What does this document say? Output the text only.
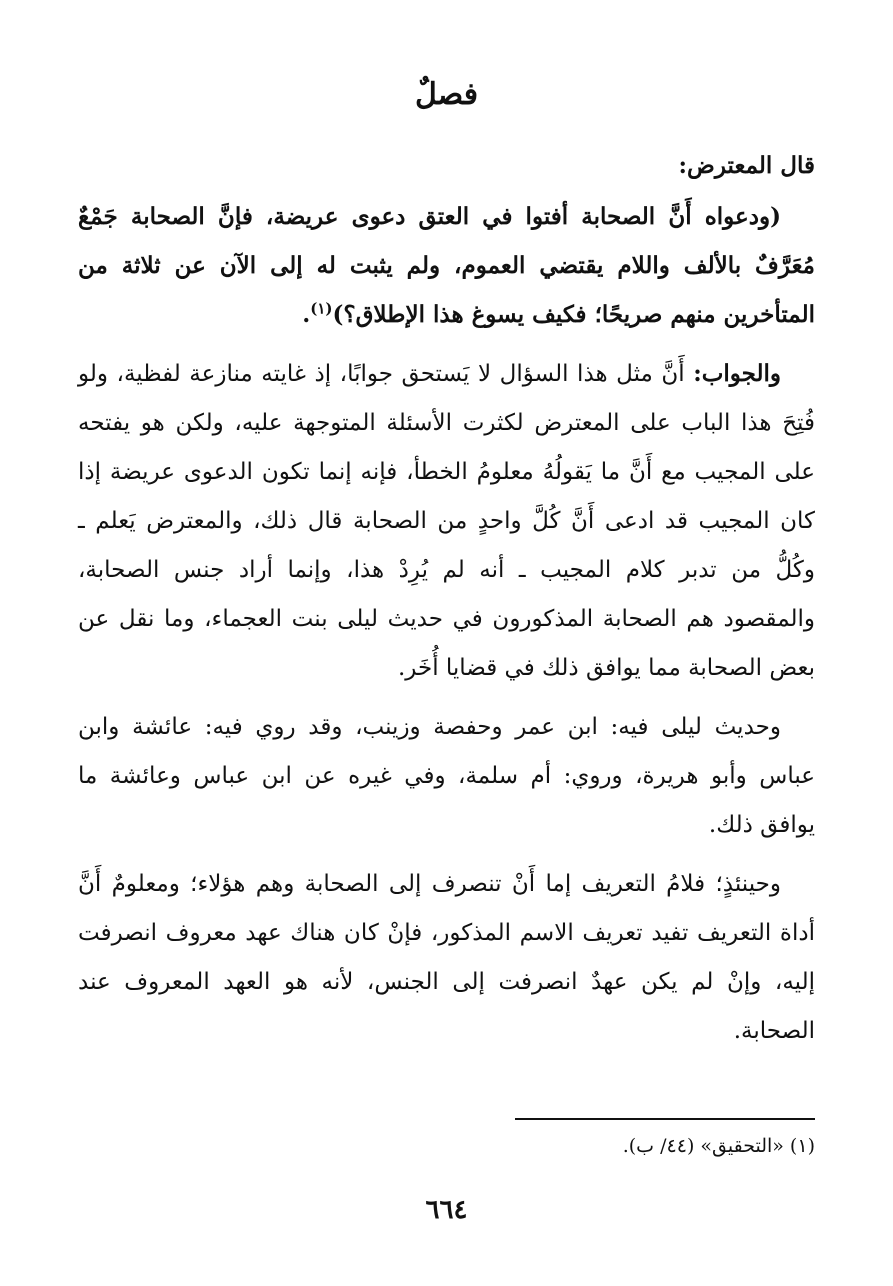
فصلٌ
قال المعترض:
(ودعواه أَنَّ الصحابة أفتوا في العتق دعوى عريضة، فإنَّ الصحابة جَمْعٌ مُعَرَّفٌ بالألف واللام يقتضي العموم، ولم يثبت له إلى الآن عن ثلاثة من المتأخرين منهم صريحًا؛ فكيف يسوغ هذا الإطلاق؟)$^{(١)}$.
والجواب: أَنَّ مثل هذا السؤال لا يَستحق جوابًا، إذ غايته منازعة لفظية، ولو فُتِحَ هذا الباب على المعترض لكثرت الأسئلة المتوجهة عليه، ولكن هو يفتحه على المجيب مع أَنَّ ما يَقولُهُ معلومُ الخطأ، فإنه إنما تكون الدعوى عريضة إذا كان المجيب قد ادعى أَنَّ كُلَّ واحدٍ من الصحابة قال ذلك، والمعترض يَعلم ـ وكُلُّ من تدبر كلام المجيب ـ أنه لم يُرِدْ هذا، وإنما أراد جنس الصحابة، والمقصود هم الصحابة المذكورون في حديث ليلى بنت العجماء، وما نقل عن بعض الصحابة مما يوافق ذلك في قضايا أُخَر.
وحديث ليلى فيه: ابن عمر وحفصة وزينب، وقد روي فيه: عائشة وابن عباس وأبو هريرة، وروي: أم سلمة، وفي غيره عن ابن عباس وعائشة ما يوافق ذلك.
وحينئذٍ؛ فلامُ التعريف إما أَنْ تنصرف إلى الصحابة وهم هؤلاء؛ ومعلومٌ أَنَّ أداة التعريف تفيد تعريف الاسم المذكور، فإنْ كان هناك عهد معروف انصرفت إليه، وإنْ لم يكن عهدٌ انصرفت إلى الجنس، لأنه هو العهد المعروف عند الصحابة.
(١) «التحقيق» (٤٤/ ب).
٦٦٤
